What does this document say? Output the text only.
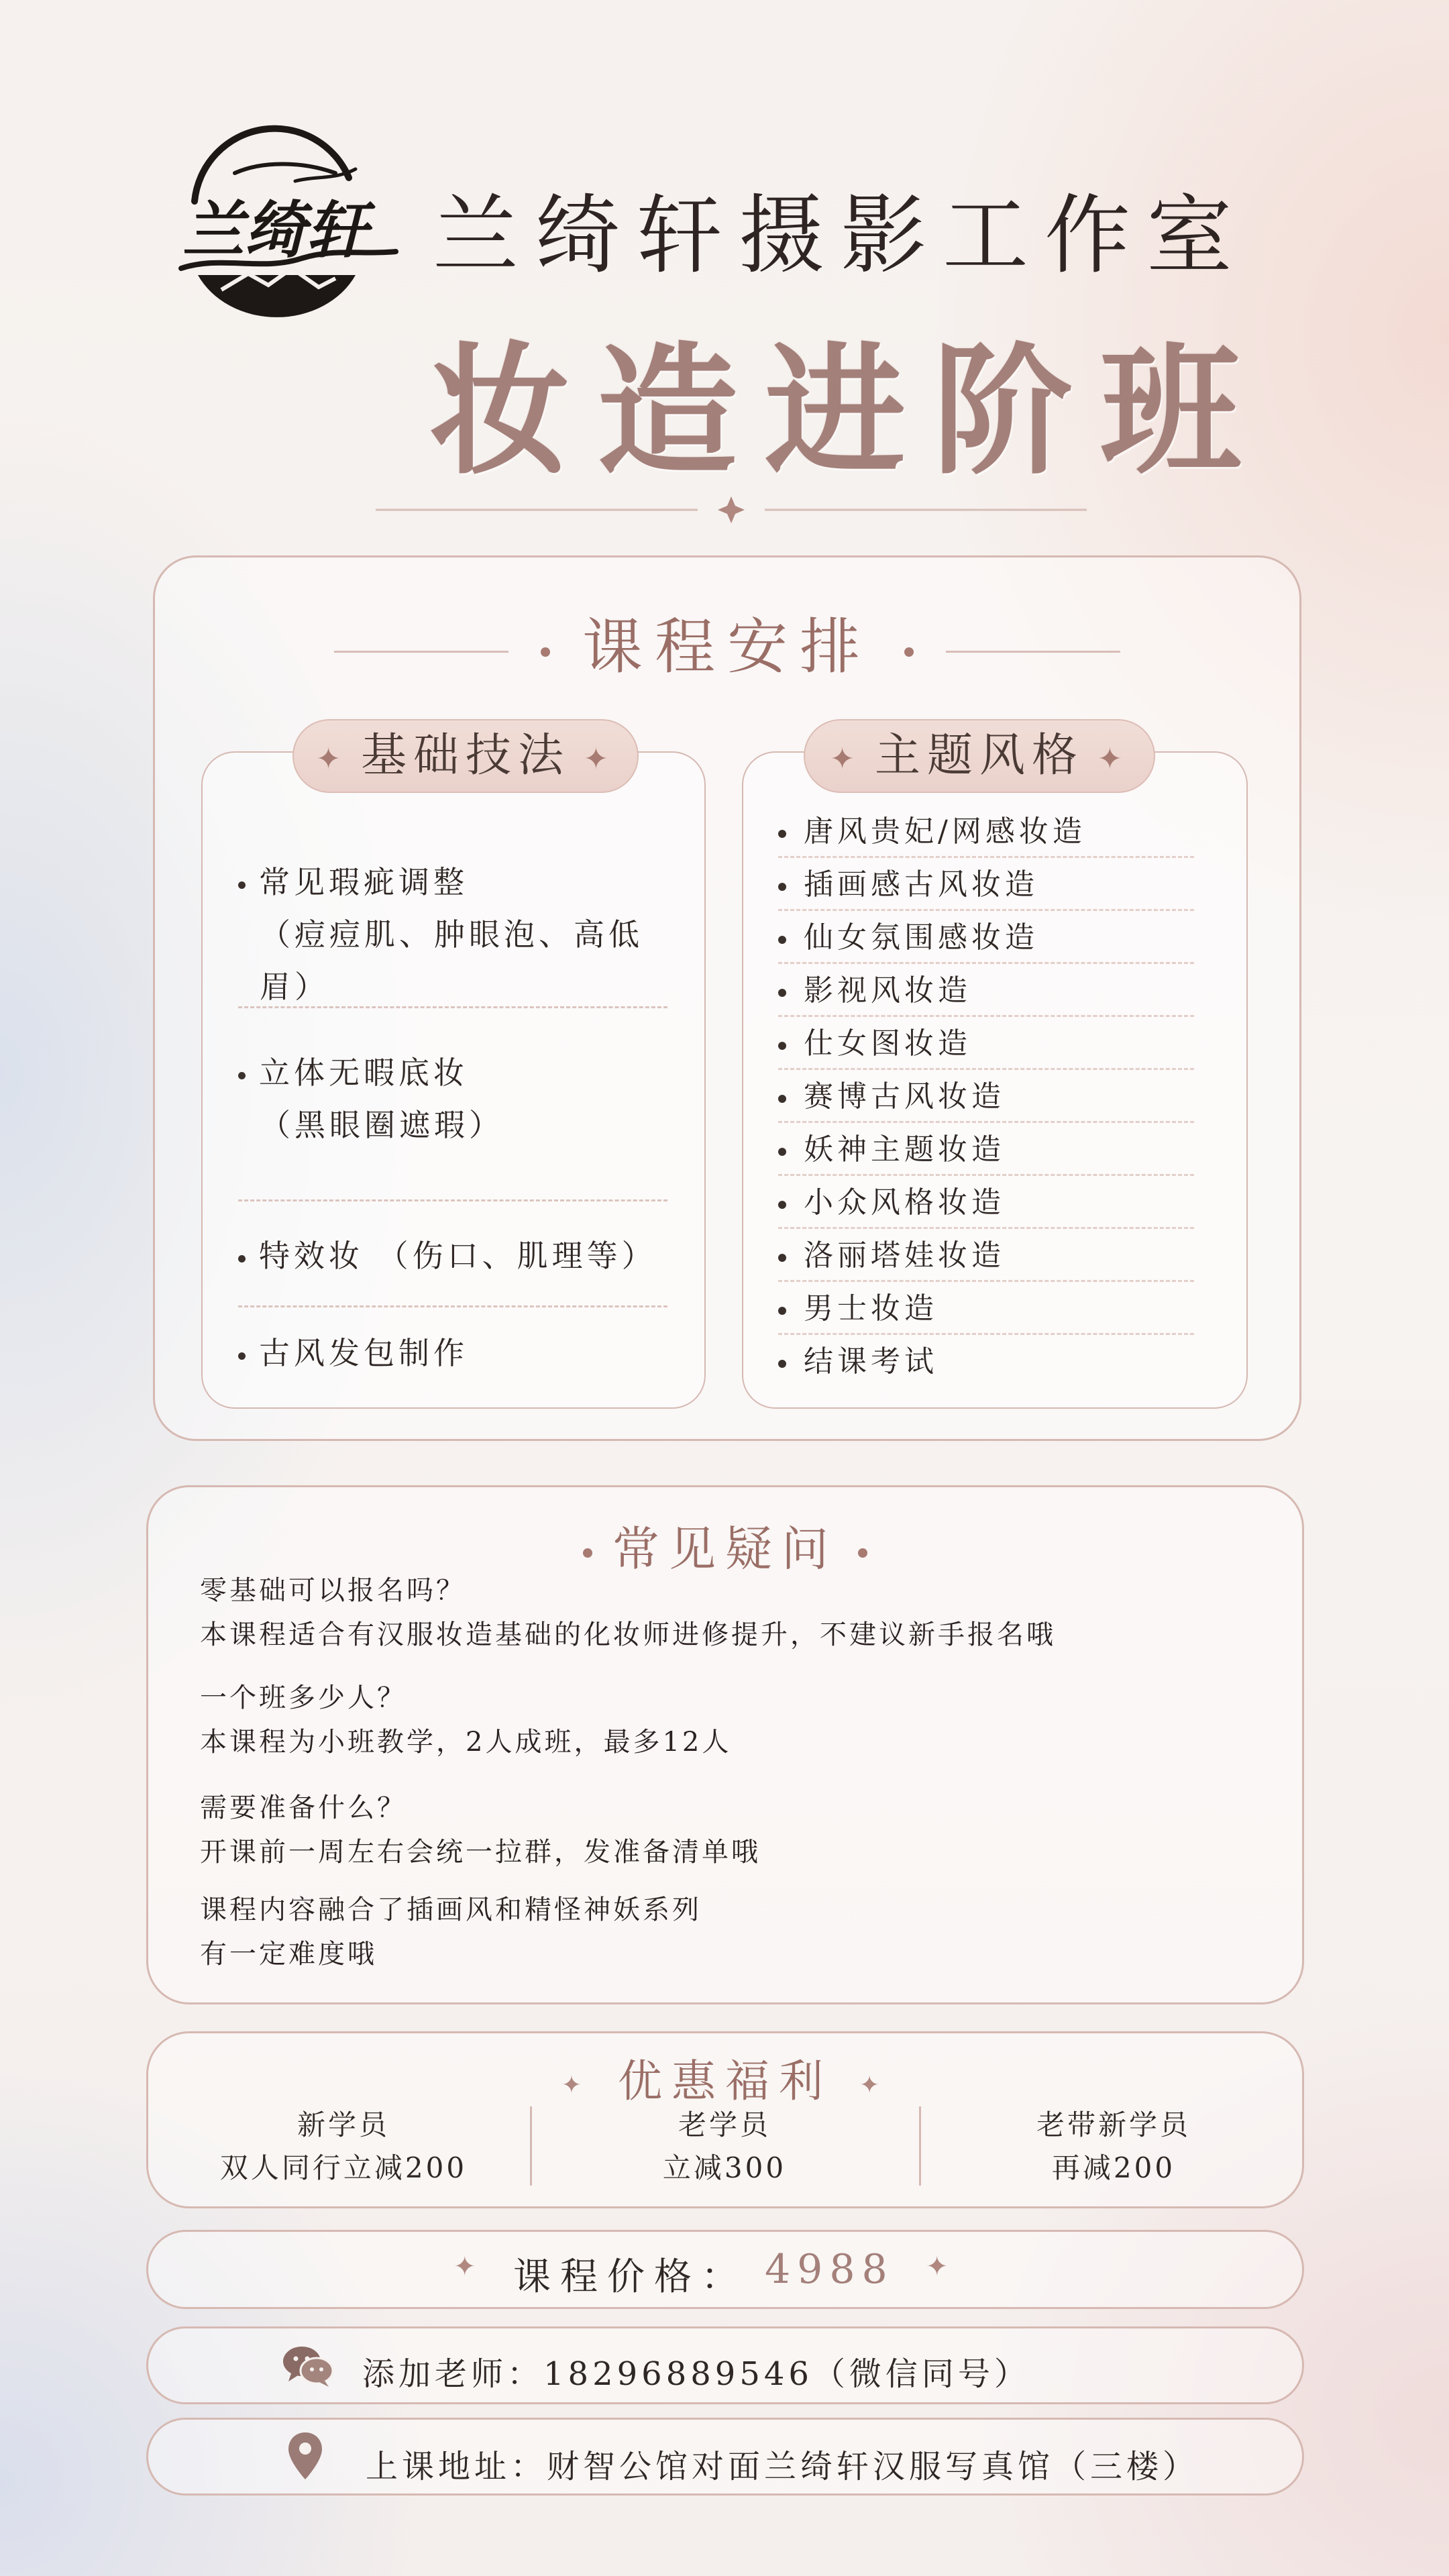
兰绮轩 兰绮轩摄影工作室
妆造进阶班
课程安排
✦ 基础技法 ✦
常见瑕疵调整
（痘痘肌、肿眼泡、高低眉）
立体无暇底妆
（黑眼圈遮瑕）
特效妆 （伤口、肌理等）
古风发包制作
✦ 主题风格 ✦
唐风贵妃/网感妆造
插画感古风妆造
仙女氛围感妆造
影视风妆造
仕女图妆造
赛博古风妆造
妖神主题妆造
小众风格妆造
洛丽塔娃妆造
男士妆造
结课考试
常见疑问
零基础可以报名吗？
本课程适合有汉服妆造基础的化妆师进修提升，不建议新手报名哦
一个班多少人？
本课程为小班教学，2人成班，最多12人
需要准备什么？
开课前一周左右会统一拉群，发准备清单哦
课程内容融合了插画风和精怪神妖系列
有一定难度哦
✦ 优惠福利 ✦
新学员
双人同行立减200
老学员
立减300
老带新学员
再减200
✦ 课程价格： 4988 ✦
添加老师：18296889546（微信同号）
上课地址：财智公馆对面兰绮轩汉服写真馆（三楼）
